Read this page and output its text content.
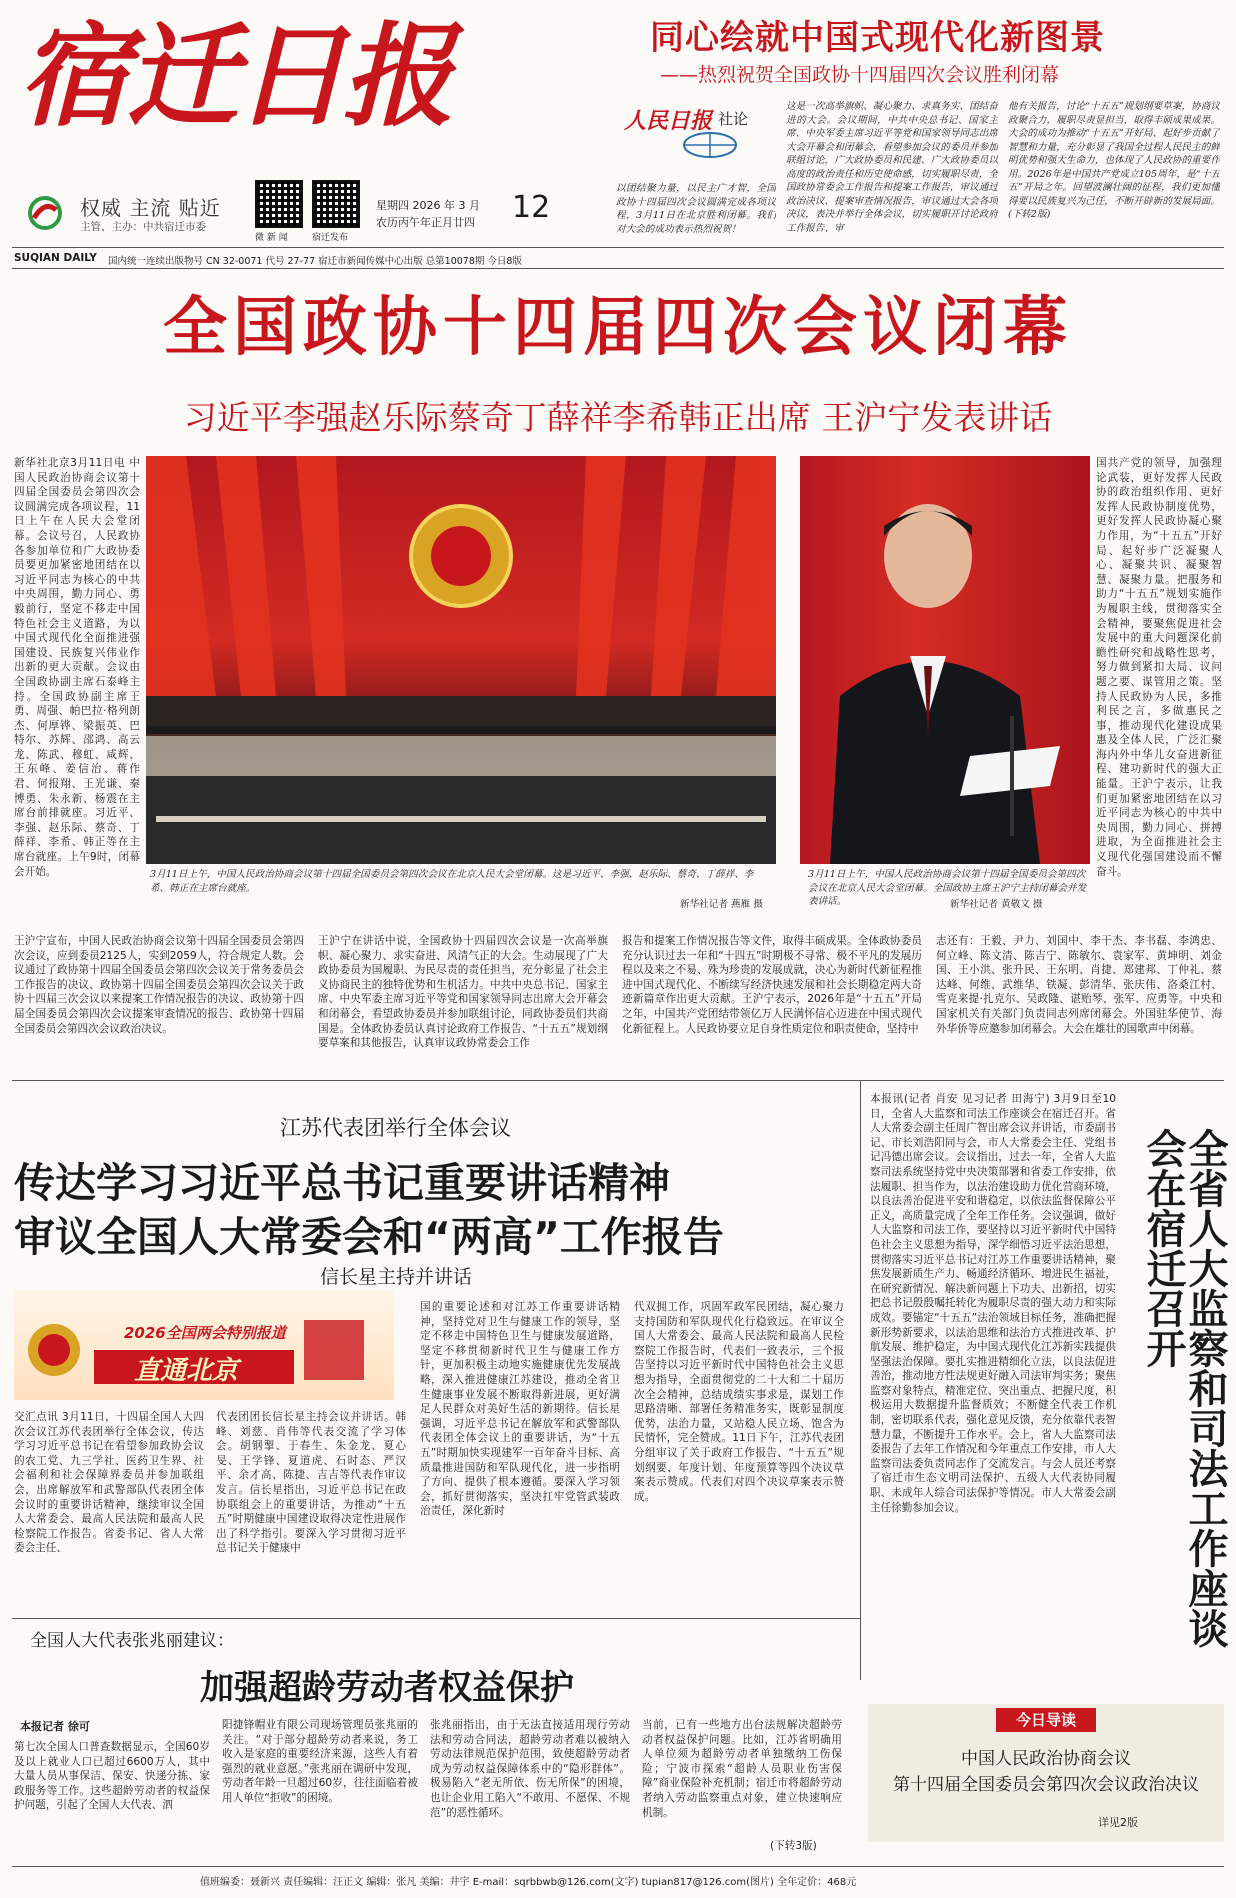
宿迁日报
权威 主流 贴近
主管、主办：中共宿迁市委
微 新 闻	宿迁发布
星期四 2026 年 3 月
农历丙午年正月廿四 12
SUQIAN DAILY 国内统一连续出版物号 CN 32-0071 代号 27-77 宿迁市新闻传媒中心出版 总第10078期 今日8版
同心绘就中国式现代化新图景
——热烈祝贺全国政协十四届四次会议胜利闭幕
人民日报 社论
以团结聚力量，以民主广才智，全国政协十四届四次会议圆满完成各项议程，3月11日在北京胜利闭幕。我们对大会的成功表示热烈祝贺！
这是一次高举旗帜、凝心聚力、求真务实、团结奋进的大会。会议期间，中共中央总书记、国家主席、中央军委主席习近平等党和国家领导同志出席大会开幕会和闭幕会，看望参加会议的委员并参加联组讨论，广大政协委员和民建、广大政协委员以高度的政治责任和历史使命感，切实履职尽责，全国政协常委会工作报告和提案工作报告，审议通过政治决议、提案审查情况报告，审议通过大会各项决议，表决并举行全体会议，切实履职开讨论政府工作报告、审
他有关报告，讨论“十五五”规划纲要草案，协商议政聚合力，履职尽责显担当，取得丰硕成果成果。大会的成功为推动“十五五”开好局、起好步贡献了智慧和力量，充分彰显了我国全过程人民民主的鲜明优势和强大生命力，也体现了人民政协的重要作用。2026年是中国共产党成立105周年，是“十五五”开局之年。回望波澜壮阔的征程，我们更加懂得要以民族复兴为己任，不断开辟新的发展局面。(下转2版)
全国政协十四届四次会议闭幕
习近平李强赵乐际蔡奇丁薛祥李希韩正出席 王沪宁发表讲话
新华社北京3月11日电 中国人民政治协商会议第十四届全国委员会第四次会议圆满完成各项议程，11日上午在人民大会堂闭幕。会议号召，人民政协各参加单位和广大政协委员要更加紧密地团结在以习近平同志为核心的中共中央周围，勤力同心、勇毅前行，坚定不移走中国特色社会主义道路，为以中国式现代化全面推进强国建设、民族复兴伟业作出新的更大贡献。会议由全国政协副主席石泰峰主持。全国政协副主席王勇、周强、帕巴拉·格列朗杰、何厚铧、梁振英、巴特尔、苏辉、邵鸿、高云龙、陈武、穆虹、咸辉、王东峰、姜信治、蒋作君、何报翔、王光谦、秦博勇、朱永新、杨震在主席台前排就座。习近平、李强、赵乐际、蔡奇、丁薛祥、李希、韩正等在主席台就座。上午9时，闭幕会开始。	3月11日上午，中国人民政治协商会议第十四届全国委员会第四次会议在北京人民大会堂闭幕。这是习近平、李强、赵乐际、蔡奇、丁薛祥、李希、韩正在主席台就座。
新华社记者 燕雁 摄
3月11日上午，中国人民政治协商会议第十四届全国委员会第四次会议在北京人民大会堂闭幕。全国政协主席王沪宁主持闭幕会并发表讲话。	新华社记者 黄敬文 摄
国共产党的领导，加强理论武装，更好发挥人民政协的政治组织作用、更好发挥人民政协制度优势，更好发挥人民政协凝心聚力作用，为“十五五”开好局、起好步广泛凝聚人心、凝聚共识、凝聚智慧、凝聚力量。把服务和助力“十五五”规划实施作为履职主线，贯彻落实全会精神，要聚焦促进社会发展中的重大问题深化前瞻性研究和战略性思考，努力做到紧扣大局、议问题之要、谋管用之策。坚持人民政协为人民，多推利民之言，多做惠民之事，推动现代化建设成果惠及全体人民，广泛汇聚海内外中华儿女奋进新征程、建功新时代的强大正能量。王沪宁表示，让我们更加紧密地团结在以习近平同志为核心的中共中央周围，勤力同心、拼搏进取，为全面推进社会主义现代化强国建设而不懈奋斗。
王沪宁宣布，中国人民政治协商会议第十四届全国委员会第四次会议，应到委员2125人，实到2059人，符合规定人数。会议通过了政协第十四届全国委员会第四次会议关于常务委员会工作报告的决议、政协第十四届全国委员会第四次会议关于政协十四届三次会议以来提案工作情况报告的决议、政协第十四届全国委员会第四次会议提案审查情况的报告、政协第十四届全国委员会第四次会议政治决议。
王沪宁在讲话中说，全国政协十四届四次会议是一次高举旗帜、凝心聚力、求实奋进、风清气正的大会。生动展现了广大政协委员为国履职、为民尽责的责任担当，充分彰显了社会主义协商民主的独特优势和生机活力。中共中央总书记、国家主席、中央军委主席习近平等党和国家领导同志出席大会开幕会和闭幕会，看望政协委员并参加联组讨论，同政协委员们共商国是。全体政协委员认真讨论政府工作报告、“十五五”规划纲要草案和其他报告，认真审议政协常委会工作
报告和提案工作情况报告等文件，取得丰硕成果。全体政协委员充分认识过去一年和“十四五”时期极不寻常、极不平凡的发展历程以及来之不易、殊为珍贵的发展成就，决心为新时代新征程推进中国式现代化、不断续写经济快速发展和社会长期稳定两大奇迹新篇章作出更大贡献。王沪宁表示，2026年是“十五五”开局之年，中国共产党团结带领亿万人民满怀信心迈进在中国式现代化新征程上。人民政协要立足自身性质定位和职责使命，坚持中
志还有：王毅、尹力、刘国中、李干杰、李书磊、李鸿忠、何立峰、陈文清、陈吉宁、陈敏尔、袁家军、黄坤明、刘金国、王小洪、张升民、王东明、肖捷、郑建邦、丁仲礼、蔡达峰、何维、武维华、铁凝、彭清华、张庆伟、洛桑江村、雪克来提·扎克尔、吴政隆、谌贻琴、张军、应勇等。中央和国家机关有关部门负责同志列席闭幕会。外国驻华使节、海外华侨等应邀参加闭幕会。大会在雄壮的国歌声中闭幕。
江苏代表团举行全体会议
传达学习习近平总书记重要讲话精神
审议全国人大常委会和“两高”工作报告
信长星主持并讲话
2026全国两会特别报道
直通北京
交汇点讯 3月11日，十四届全国人大四次会议江苏代表团举行全体会议，传达学习习近平总书记在看望参加政协会议的农工党、九三学社、医药卫生界、社会福利和社会保障界委员并参加联组会，出席解放军和武警部队代表团全体会议时的重要讲话精神，继续审议全国人大常委会、最高人民法院和最高人民检察院工作报告。省委书记、省人大常委会主任、
代表团团长信长星主持会议并讲话。韩峰、刘慈、肖伟等代表交流了学习体会。胡钢掣、于春生、朱金龙、夏心旻、王学锋、夏道虎、石时态、严汉平、余才高、陈捷、吉吉等代表作审议发言。信长星指出，习近平总书记在政协联组会上的重要讲话，为推动“十五五”时期健康中国建设取得决定性进展作出了科学指引。要深入学习贯彻习近平总书记关于健康中
国的重要论述和对江苏工作重要讲话精神，坚持党对卫生与健康工作的领导，坚定不移走中国特色卫生与健康发展道路，坚定不移贯彻新时代卫生与健康工作方针，更加积极主动地实施健康优先发展战略，深入推进健康江苏建设，推动全省卫生健康事业发展不断取得新进展，更好满足人民群众对美好生活的新期待。信长星强调，习近平总书记在解放军和武警部队代表团全体会议上的重要讲话，为“十五五”时期加快实现建军一百年奋斗目标、高质量推进国防和军队现代化，进一步指明了方向、提供了根本遵循。要深入学习领会，抓好贯彻落实，坚决扛牢党管武装政治责任，深化新时
代双拥工作，巩固军政军民团结，凝心聚力支持国防和军队现代化行稳致远。在审议全国人大常委会、最高人民法院和最高人民检察院工作报告时，代表们一致表示，三个报告坚持以习近平新时代中国特色社会主义思想为指导，全面贯彻党的二十大和二十届历次全会精神，总结成绩实事求是，谋划工作思路清晰、部署任务精准务实，既彰显制度优势，法治力量，又站稳人民立场、饱含为民情怀，完全赞成。11日下午，江苏代表团分组审议了关于政府工作报告、“十五五”规划纲要、年度计划、年度预算等四个决议草案表示赞成。代表们对四个决议草案表示赞成。
本报讯(记者 肖安 见习记者 田海宁) 3月9日至10日，全省人大监察和司法工作座谈会在宿迁召开。省人大常委会副主任周广智出席会议并讲话，市委副书记、市长刘浩阳同与会，市人大常委会主任、党组书记冯德出席会议。会议指出，过去一年，全省人大监察司法系统坚持党中央决策部署和省委工作安排，依法履职、担当作为，以法治建设助力优化营商环境，以良法善治促进平安和谐稳定，以依法监督保障公平正义，高质量完成了全年工作任务。会议强调，做好人大监察和司法工作，要坚持以习近平新时代中国特色社会主义思想为指导，深学细悟习近平法治思想，贯彻落实习近平总书记对江苏工作重要讲话精神，聚焦发展新质生产力、畅通经济循环、增进民生福祉，在研究新情况、解决新问题上下功夫、出新招，切实把总书记殷殷嘱托转化为履职尽责的强大动力和实际成效。要锚定“十五五”法治领域目标任务，准确把握新形势新要求，以法治思维和法治方式推进改革、护航发展、维护稳定，为中国式现代化江苏新实践提供坚强法治保障。要扎实推进精细化立法，以良法促进善治，推动地方性法规更好融入司法审判实务；聚焦监察对象特点，精准定位、突出重点、把握尺度，积极运用大数据提升监督质效；不断健全代表工作机制，密切联系代表，强化意见反馈，充分依靠代表智慧力量，不断提升工作水平。会上，省人大监察司法委报告了去年工作情况和今年重点工作安排，市人大监察司法委负责同志作了交流发言。与会人员还考察了宿迁市生态文明司法保护、五级人大代表协同履职、未成年人综合司法保护等情况。市人大常委会副主任徐勤参加会议。	全省人大监察和司法工作座谈会在宿迁召开
全国人大代表张兆丽建议：
加强超龄劳动者权益保护
本报记者 徐可
第七次全国人口普查数据显示，全国60岁及以上就业人口已超过6600万人，其中大量人员从事保洁、保安、快递分拣、家政服务等工作。这些超龄劳动者的权益保护问题，引起了全国人大代表、泗
阳捷锋帽业有限公司现场管理员张兆丽的关注。“对于部分超龄劳动者来说，务工收入是家庭的重要经济来源，这些人有着强烈的就业意愿。”张兆丽在调研中发现，劳动者年龄一旦超过60岁，往往面临着被用人单位“拒收”的困境。
张兆丽指出，由于无法直接适用现行劳动法和劳动合同法，超龄劳动者难以被纳入劳动法律规范保护范围，致使超龄劳动者成为劳动权益保障体系中的“隐形群体”。极易陷入“老无所依、伤无所保”的困境，也让企业用工陷入“不敢用、不愿保、不规范”的恶性循环。
当前，已有一些地方出台法规解决超龄劳动者权益保护问题。比如，江苏省明确用人单位须为超龄劳动者单独缴纳工伤保险；宁波市探索“超龄人员职业伤害保障”商业保险补充机制；宿迁市将超龄劳动者纳入劳动监察重点对象，建立快速响应机制。
(下转3版)
今日导读
中国人民政治协商会议
第十四届全国委员会第四次会议政治决议
详见2版
值班编委：聂新兴 责任编辑：汪正文 编辑：张凡 美编：井宇 E-mail：sqrbbwb@126.com(文字) tupian817@126.com(图片) 全年定价：468元
